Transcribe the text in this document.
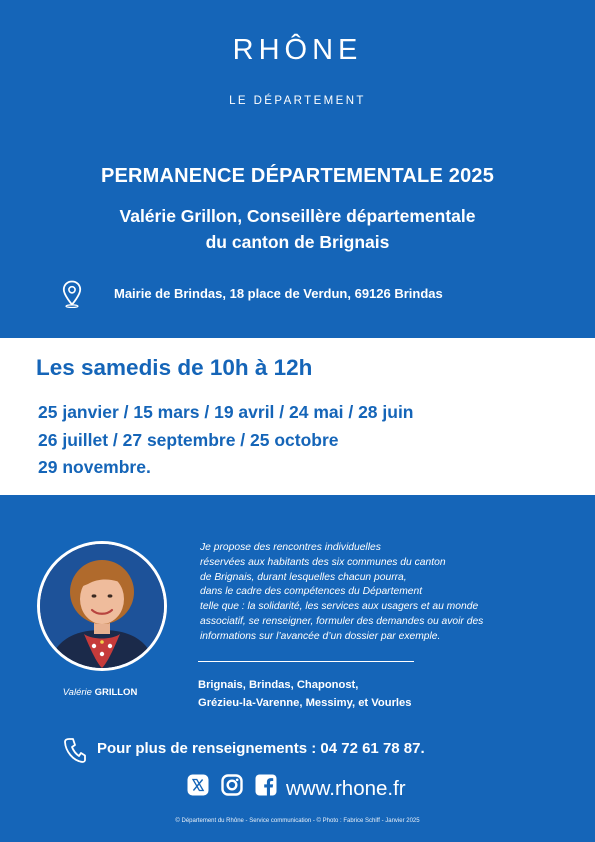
RHÔNE
LE DÉPARTEMENT
PERMANENCE DÉPARTEMENTALE 2025
Valérie Grillon, Conseillère départementale
du canton de Brignais
Mairie de Brindas, 18 place de Verdun, 69126 Brindas
Les samedis de 10h à 12h
25 janvier / 15 mars / 19 avril / 24 mai / 28 juin
26 juillet / 27 septembre / 25 octobre
29 novembre.
Valérie GRILLON
Je propose des rencontres individuelles
réservées aux habitants des six communes du canton
de Brignais, durant lesquelles chacun pourra,
dans le cadre des compétences du Département
telle que : la solidarité, les services aux usagers et au monde
associatif, se renseigner, formuler des demandes ou avoir des
informations sur l’avancée d’un dossier par exemple.
Brignais, Brindas, Chaponost,
Grézieu-la-Varenne, Messimy, et Vourles
Pour plus de renseignements : 04 72 61 78 87.
www.rhone.fr
© Département du Rhône - Service communication - © Photo : Fabrice Schiff - Janvier 2025
